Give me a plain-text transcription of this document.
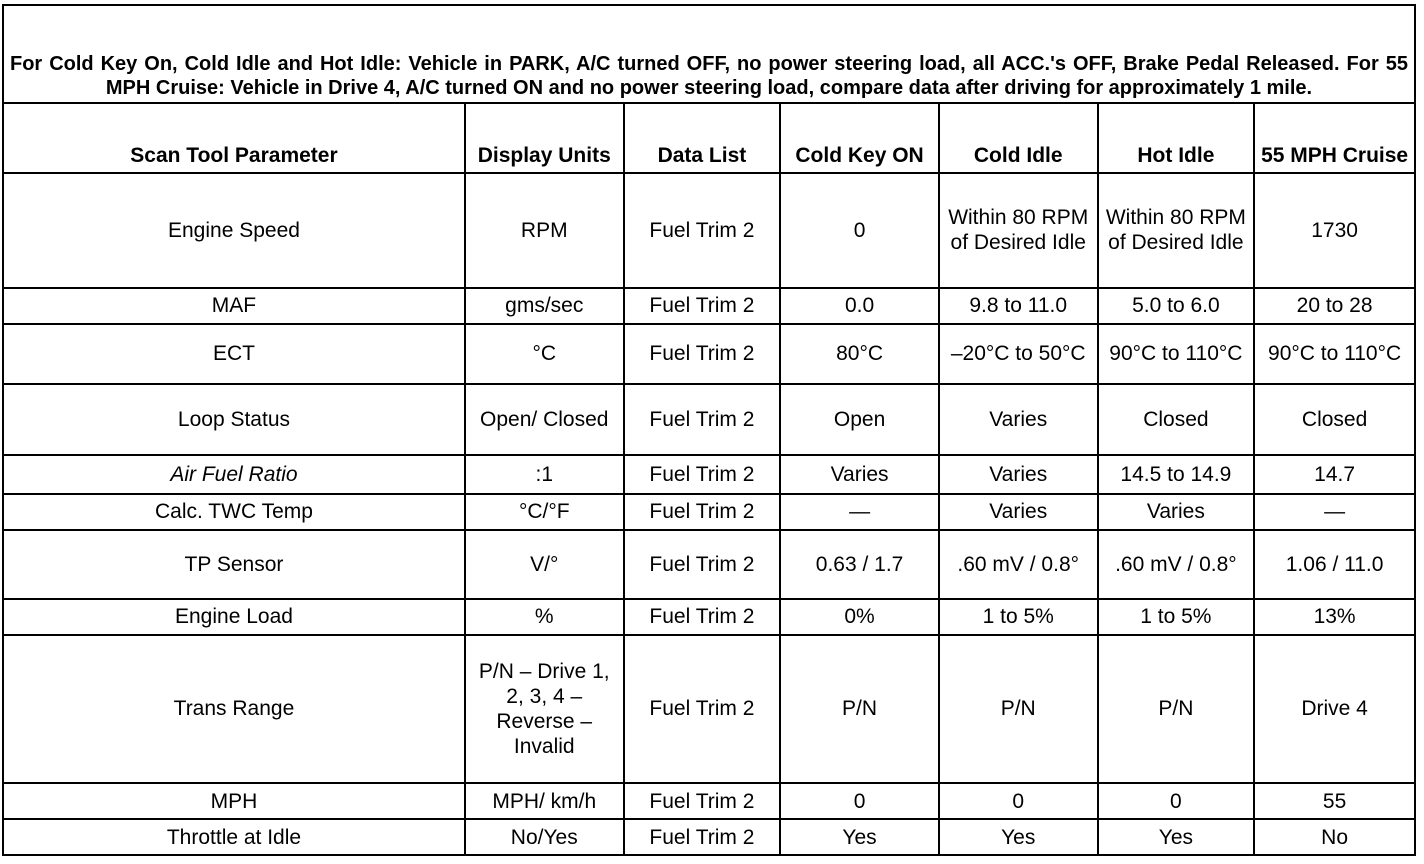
For Cold Key On, Cold Idle and Hot Idle: Vehicle in PARK, A/C turned OFF, no power steering load, all ACC.'s OFF, Brake Pedal Released. For 55 MPH Cruise: Vehicle in Drive 4, A/C turned ON and no power steering load, compare data after driving for approximately 1 mile.						
Scan Tool Parameter	Display Units	Data List	Cold Key ON	Cold Idle	Hot Idle	55 MPH Cruise
Engine Speed	RPM	Fuel Trim 2	0	Within 80 RPM of Desired Idle	Within 80 RPM of Desired Idle	1730
MAF	gms/sec	Fuel Trim 2	0.0	9.8 to 11.0	5.0 to 6.0	20 to 28
ECT	°C	Fuel Trim 2	80°C	–20°C to 50°C	90°C to 110°C	90°C to 110°C
Loop Status	Open/ Closed	Fuel Trim 2	Open	Varies	Closed	Closed
Air Fuel Ratio	:1	Fuel Trim 2	Varies	Varies	14.5 to 14.9	14.7
Calc. TWC Temp	°C/°F	Fuel Trim 2	—	Varies	Varies	—
TP Sensor	V/°	Fuel Trim 2	0.63 / 1.7	.60 mV / 0.8°	.60 mV / 0.8°	1.06 / 11.0
Engine Load	%	Fuel Trim 2	0%	1 to 5%	1 to 5%	13%
Trans Range	P/N – Drive 1, 2, 3, 4 – Reverse – Invalid	Fuel Trim 2	P/N	P/N	P/N	Drive 4
MPH	MPH/ km/h	Fuel Trim 2	0	0	0	55
Throttle at Idle	No/Yes	Fuel Trim 2	Yes	Yes	Yes	No
